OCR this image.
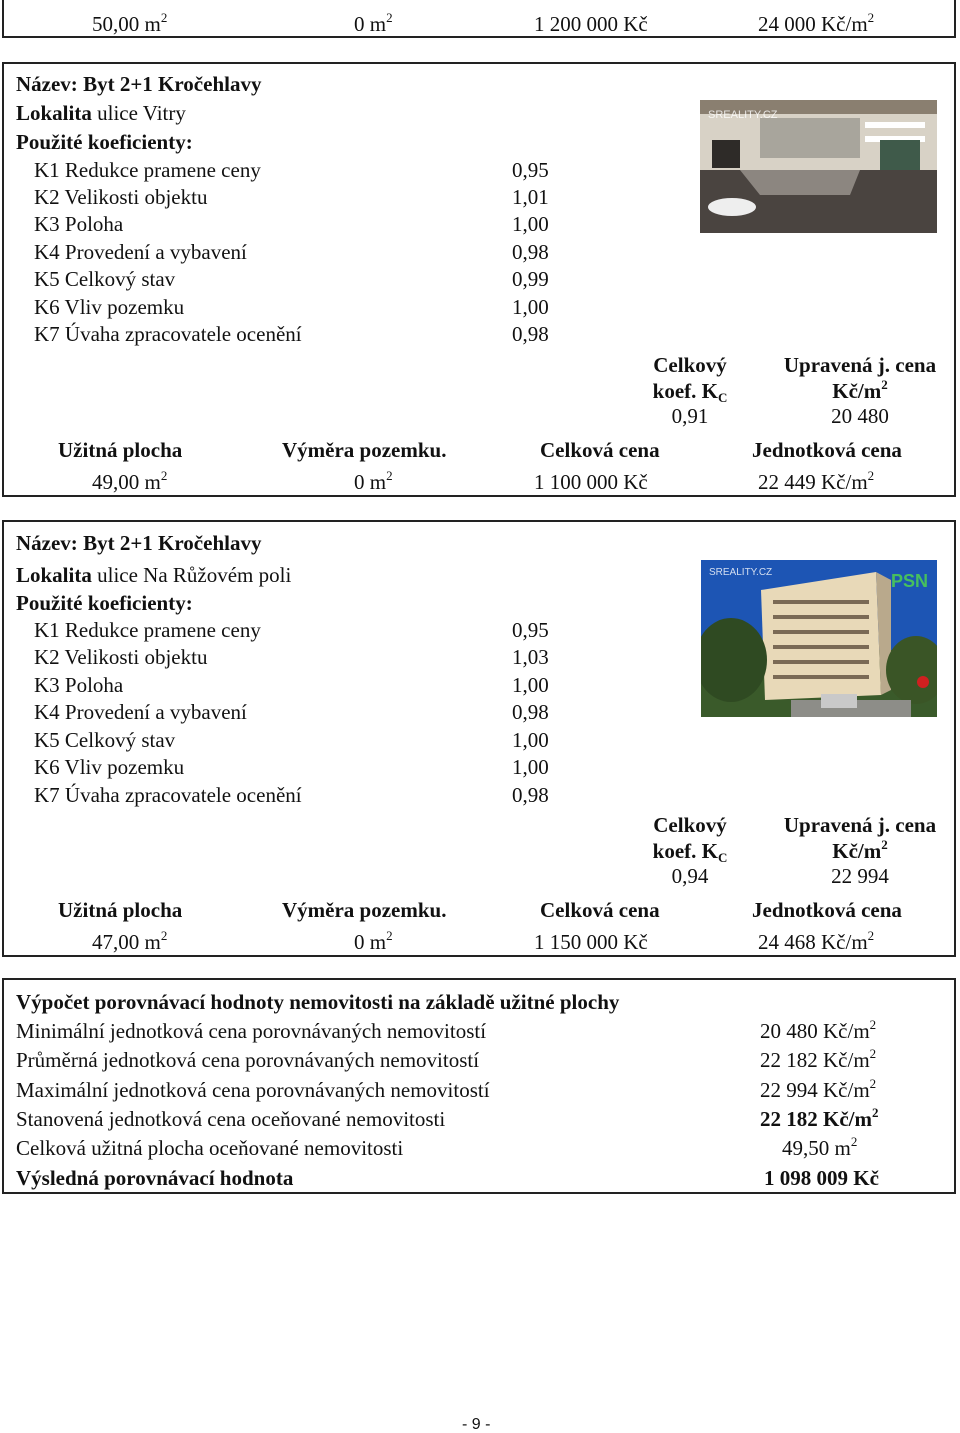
50,00 $m^2$	0 $m^2$	1 200 000 Kč	24 000 $Kč/m^2$
Název: Byt 2+1 Kročehlavy
Lokalita ulice Vitry
Použité koeficienty:
K1 Redukce pramene ceny	0,95
K2 Velikosti objektu	1,01
K3 Poloha	1,00
K4 Provedení a vybavení	0,98
K5 Celkový stav	0,99
K6 Vliv pozemku	1,00
K7 Úvaha zpracovatele ocenění	0,98
SREALITY.CZ
Celkový
koef. $K_C$
Upravená j. cena
$Kč/m^2$
0,91	20 480
Užitná plocha	Výměra pozemku.	Celková cena	Jednotková cena
49,00 $m^2$	0 $m^2$	1 100 000 Kč	22 449 $Kč/m^2$
Název: Byt 2+1 Kročehlavy
Lokalita ulice Na Růžovém poli
Použité koeficienty:
K1 Redukce pramene ceny	0,95
K2 Velikosti objektu	1,03
K3 Poloha	1,00
K4 Provedení a vybavení	0,98
K5 Celkový stav	1,00
K6 Vliv pozemku	1,00
K7 Úvaha zpracovatele ocenění	0,98
SREALITY.CZ	PSN
Celkový
koef. $K_C$
Upravená j. cena
$Kč/m^2$
0,94	22 994
Užitná plocha	Výměra pozemku.	Celková cena	Jednotková cena
47,00 $m^2$	0 $m^2$	1 150 000 Kč	24 468 $Kč/m^2$
Výpočet porovnávací hodnoty nemovitosti na základě užitné plochy
Minimální jednotková cena porovnávaných nemovitostí	20 480 $Kč/m^2$
Průměrná jednotková cena porovnávaných nemovitostí	22 182 $Kč/m^2$
Maximální jednotková cena porovnávaných nemovitostí	22 994 $Kč/m^2$
Stanovená jednotková cena oceňované nemovitosti	22 182 $Kč/m^2$
Celková užitná plocha oceňované nemovitosti	49,50 $m^2$
Výsledná porovnávací hodnota	1 098 009 Kč
- 9 -
